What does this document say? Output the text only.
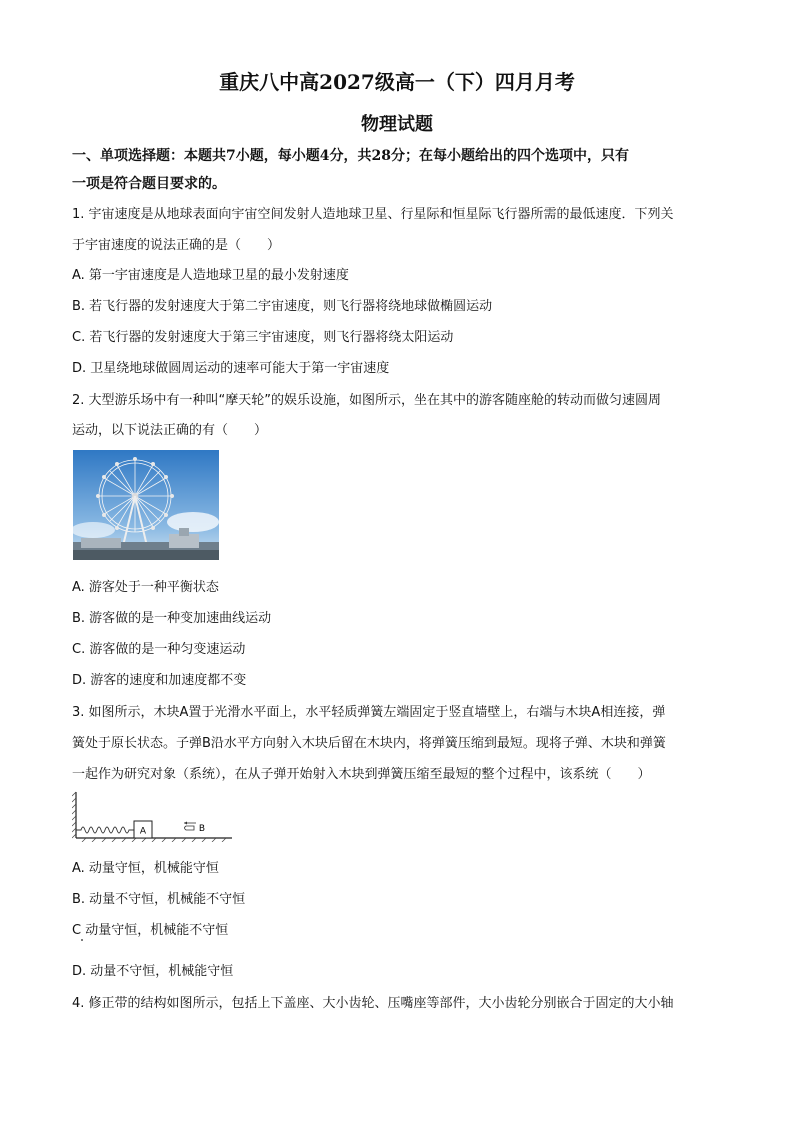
重庆八中高2027级高一（下）四月月考
物理试题
一、单项选择题：本题共7小题，每小题4分，共28分；在每小题给出的四个选项中，只有
一项是符合题目要求的。
1. 宇宙速度是从地球表面向宇宙空间发射人造地球卫星、行星际和恒星际飞行器所需的最低速度．下列关
于宇宙速度的说法正确的是（　　）
A. 第一宇宙速度是人造地球卫星的最小发射速度
B. 若飞行器的发射速度大于第二宇宙速度，则飞行器将绕地球做椭圆运动
C. 若飞行器的发射速度大于第三宇宙速度，则飞行器将绕太阳运动
D. 卫星绕地球做圆周运动的速率可能大于第一宇宙速度
2. 大型游乐场中有一种叫“摩天轮”的娱乐设施，如图所示，坐在其中的游客随座舱的转动而做匀速圆周
运动，以下说法正确的有（　　）
A. 游客处于一种平衡状态
B. 游客做的是一种变加速曲线运动
C. 游客做的是一种匀变速运动
D. 游客的速度和加速度都不变
3. 如图所示，木块A置于光滑水平面上，水平轻质弹簧左端固定于竖直墙壁上，右端与木块A相连接，弹
簧处于原长状态。子弹B沿水平方向射入木块后留在木块内，将弹簧压缩到最短。现将子弹、木块和弹簧
一起作为研究对象（系统），在从子弹开始射入木块到弹簧压缩至最短的整个过程中，该系统（　　）
A	B
A. 动量守恒，机械能守恒
B. 动量不守恒，机械能不守恒
C 动量守恒，机械能不守恒
D. 动量不守恒，机械能守恒
4. 修正带的结构如图所示，包括上下盖座、大小齿轮、压嘴座等部件，大小齿轮分别嵌合于固定的大小轴
